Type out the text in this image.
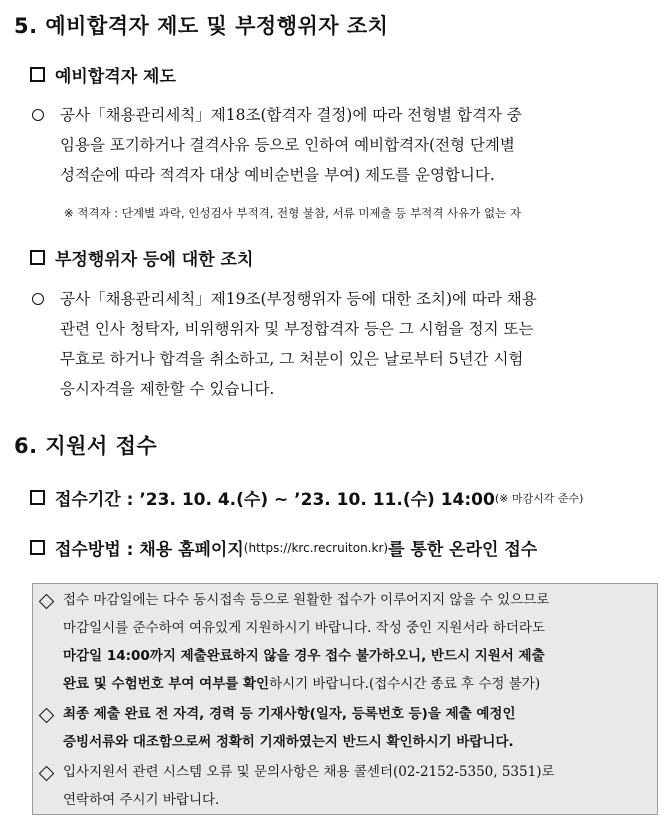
5. 예비합격자 제도 및 부정행위자 조치
예비합격자 제도
공사「채용관리세칙」제18조(합격자 결정)에 따라 전형별 합격자 중
임용을 포기하거나 결격사유 등으로 인하여 예비합격자(전형 단계별
성적순에 따라 적격자 대상 예비순번을 부여) 제도를 운영합니다.
※ 적격자 : 단계별 과락, 인성검사 부적격, 전형 불참, 서류 미제출 등 부적격 사유가 없는 자
부정행위자 등에 대한 조치
공사「채용관리세칙」제19조(부정행위자 등에 대한 조치)에 따라 채용
관련 인사 청탁자, 비위행위자 및 부정합격자 등은 그 시험을 정지 또는
무효로 하거나 합격을 취소하고, 그 처분이 있은 날로부터 5년간 시험
응시자격을 제한할 수 있습니다.
6. 지원서 접수
접수기간 : ’23. 10. 4.(수) ~ ’23. 10. 11.(수) 14:00 (※ 마감시각 준수)
접수방법 : 채용 홈페이지 (https://krc.recruiton.kr) 를 통한 온라인 접수
접수 마감일에는 다수 동시접속 등으로 원활한 접수가 이루어지지 않을 수 있으므로
마감일시를 준수하여 여유있게 지원하시기 바랍니다. 작성 중인 지원서라 하더라도
마감일 14:00까지 제출완료하지 않을 경우 접수 불가하오니, 반드시 지원서 제출
완료 및 수험번호 부여 여부를 확인하시기 바랍니다.(접수시간 종료 후 수정 불가)
최종 제출 완료 전 자격, 경력 등 기재사항(일자, 등록번호 등)을 제출 예정인
증빙서류와 대조함으로써 정확히 기재하였는지 반드시 확인하시기 바랍니다.
입사지원서 관련 시스템 오류 및 문의사항은 채용 콜센터(02-2152-5350, 5351)로
연락하여 주시기 바랍니다.
